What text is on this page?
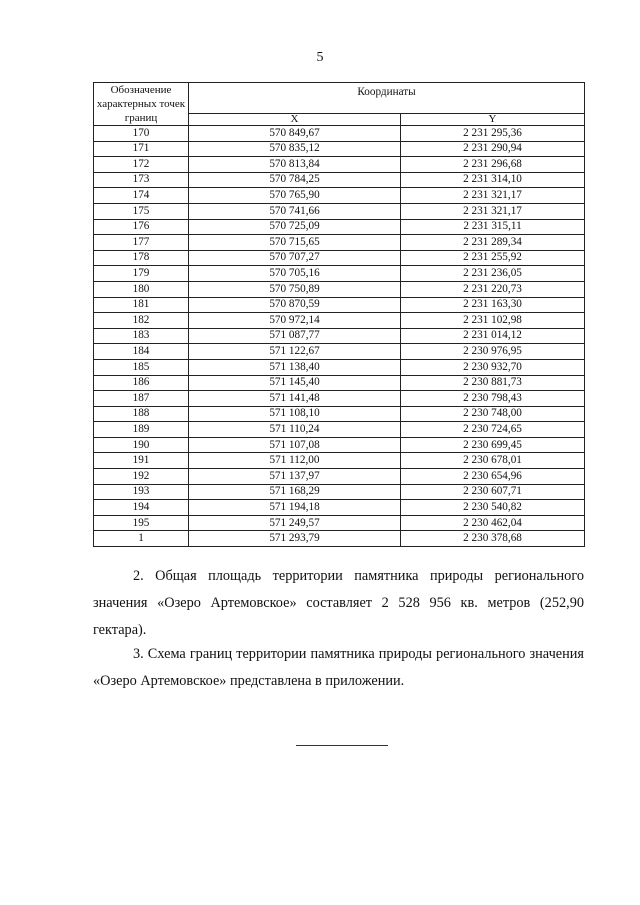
5
Обозначение характерных точек границ	Координаты	
	X	Y
170	570 849,67	2 231 295,36
171	570 835,12	2 231 290,94
172	570 813,84	2 231 296,68
173	570 784,25	2 231 314,10
174	570 765,90	2 231 321,17
175	570 741,66	2 231 321,17
176	570 725,09	2 231 315,11
177	570 715,65	2 231 289,34
178	570 707,27	2 231 255,92
179	570 705,16	2 231 236,05
180	570 750,89	2 231 220,73
181	570 870,59	2 231 163,30
182	570 972,14	2 231 102,98
183	571 087,77	2 231 014,12
184	571 122,67	2 230 976,95
185	571 138,40	2 230 932,70
186	571 145,40	2 230 881,73
187	571 141,48	2 230 798,43
188	571 108,10	2 230 748,00
189	571 110,24	2 230 724,65
190	571 107,08	2 230 699,45
191	571 112,00	2 230 678,01
192	571 137,97	2 230 654,96
193	571 168,29	2 230 607,71
194	571 194,18	2 230 540,82
195	571 249,57	2 230 462,04
1	571 293,79	2 230 378,68

2. Общая площадь территории памятника природы регионального значения «Озеро Артемовское» составляет 2 528 956 кв. метров (252,90 гектара).

3. Схема границ территории памятника природы регионального значения «Озеро Артемовское» представлена в приложении.
